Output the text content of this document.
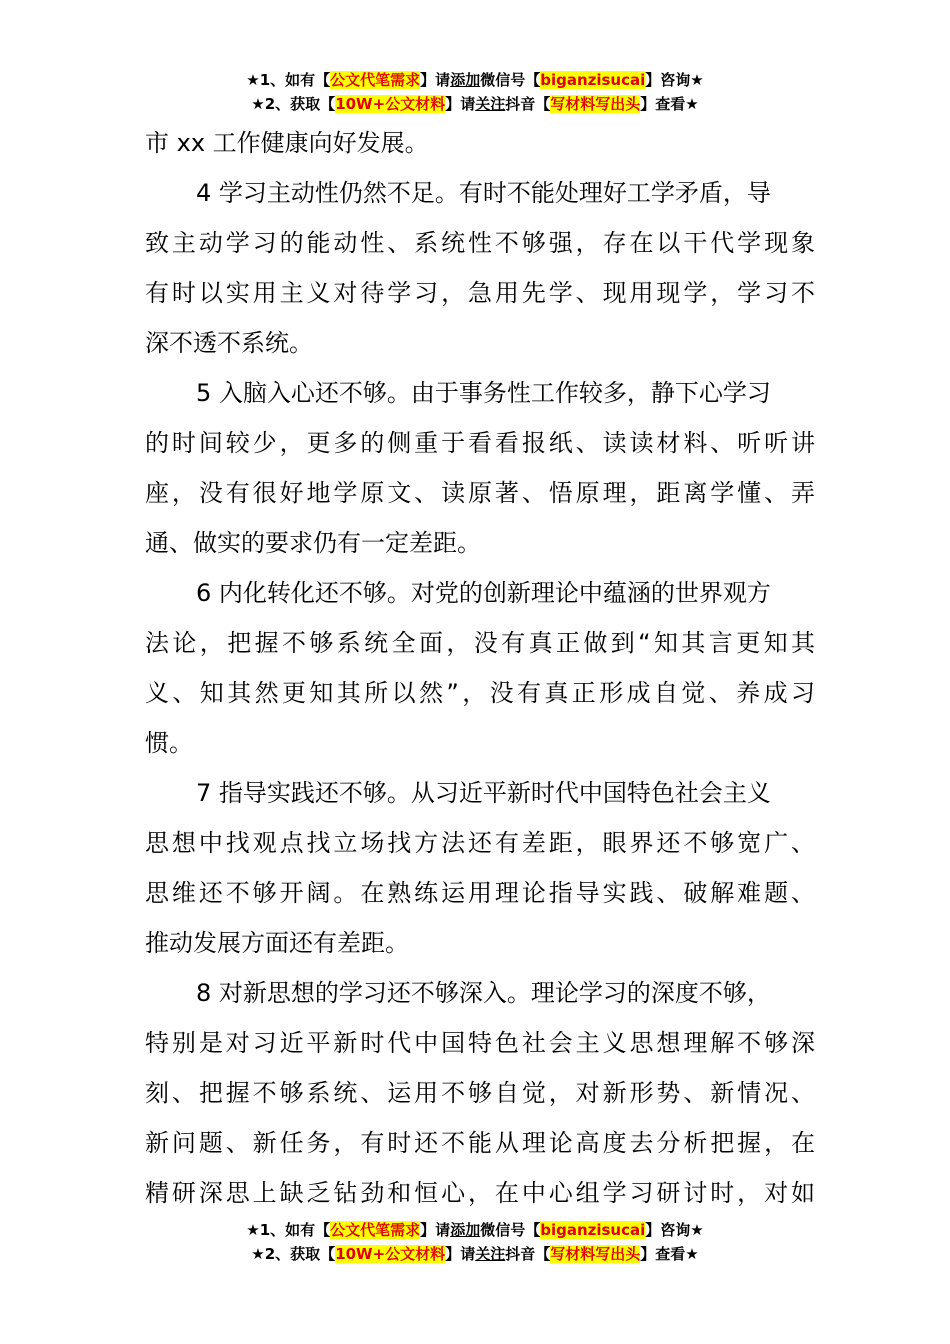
★1、如有【公文代笔需求】请添加微信号【biganzisucai】咨询★
★2、获取【10W+公文材料】请关注抖音【写材料写出头】查看★
市 xx 工作健康向好发展。
4 学习主动性仍然不足。有时不能处理好工学矛盾，导
致主动学习的能动性、系统性不够强，存在以干代学现象
有时以实用主义对待学习，急用先学、现用现学，学习不
深不透不系统。
5 入脑入心还不够。由于事务性工作较多，静下心学习
的时间较少，更多的侧重于看看报纸、读读材料、听听讲
座，没有很好地学原文、读原著、悟原理，距离学懂、弄
通、做实的要求仍有一定差距。
6 内化转化还不够。对党的创新理论中蕴涵的世界观方
法论，把握不够系统全面，没有真正做到“知其言更知其
义、知其然更知其所以然”，没有真正形成自觉、养成习
惯。
7 指导实践还不够。从习近平新时代中国特色社会主义
思想中找观点找立场找方法还有差距，眼界还不够宽广、
思维还不够开阔。在熟练运用理论指导实践、破解难题、
推动发展方面还有差距。
8 对新思想的学习还不够深入。理论学习的深度不够，
特别是对习近平新时代中国特色社会主义思想理解不够深
刻、把握不够系统、运用不够自觉，对新形势、新情况、
新问题、新任务，有时还不能从理论高度去分析把握，在
精研深思上缺乏钻劲和恒心，在中心组学习研讨时，对如
★1、如有【公文代笔需求】请添加微信号【biganzisucai】咨询★
★2、获取【10W+公文材料】请关注抖音【写材料写出头】查看★
